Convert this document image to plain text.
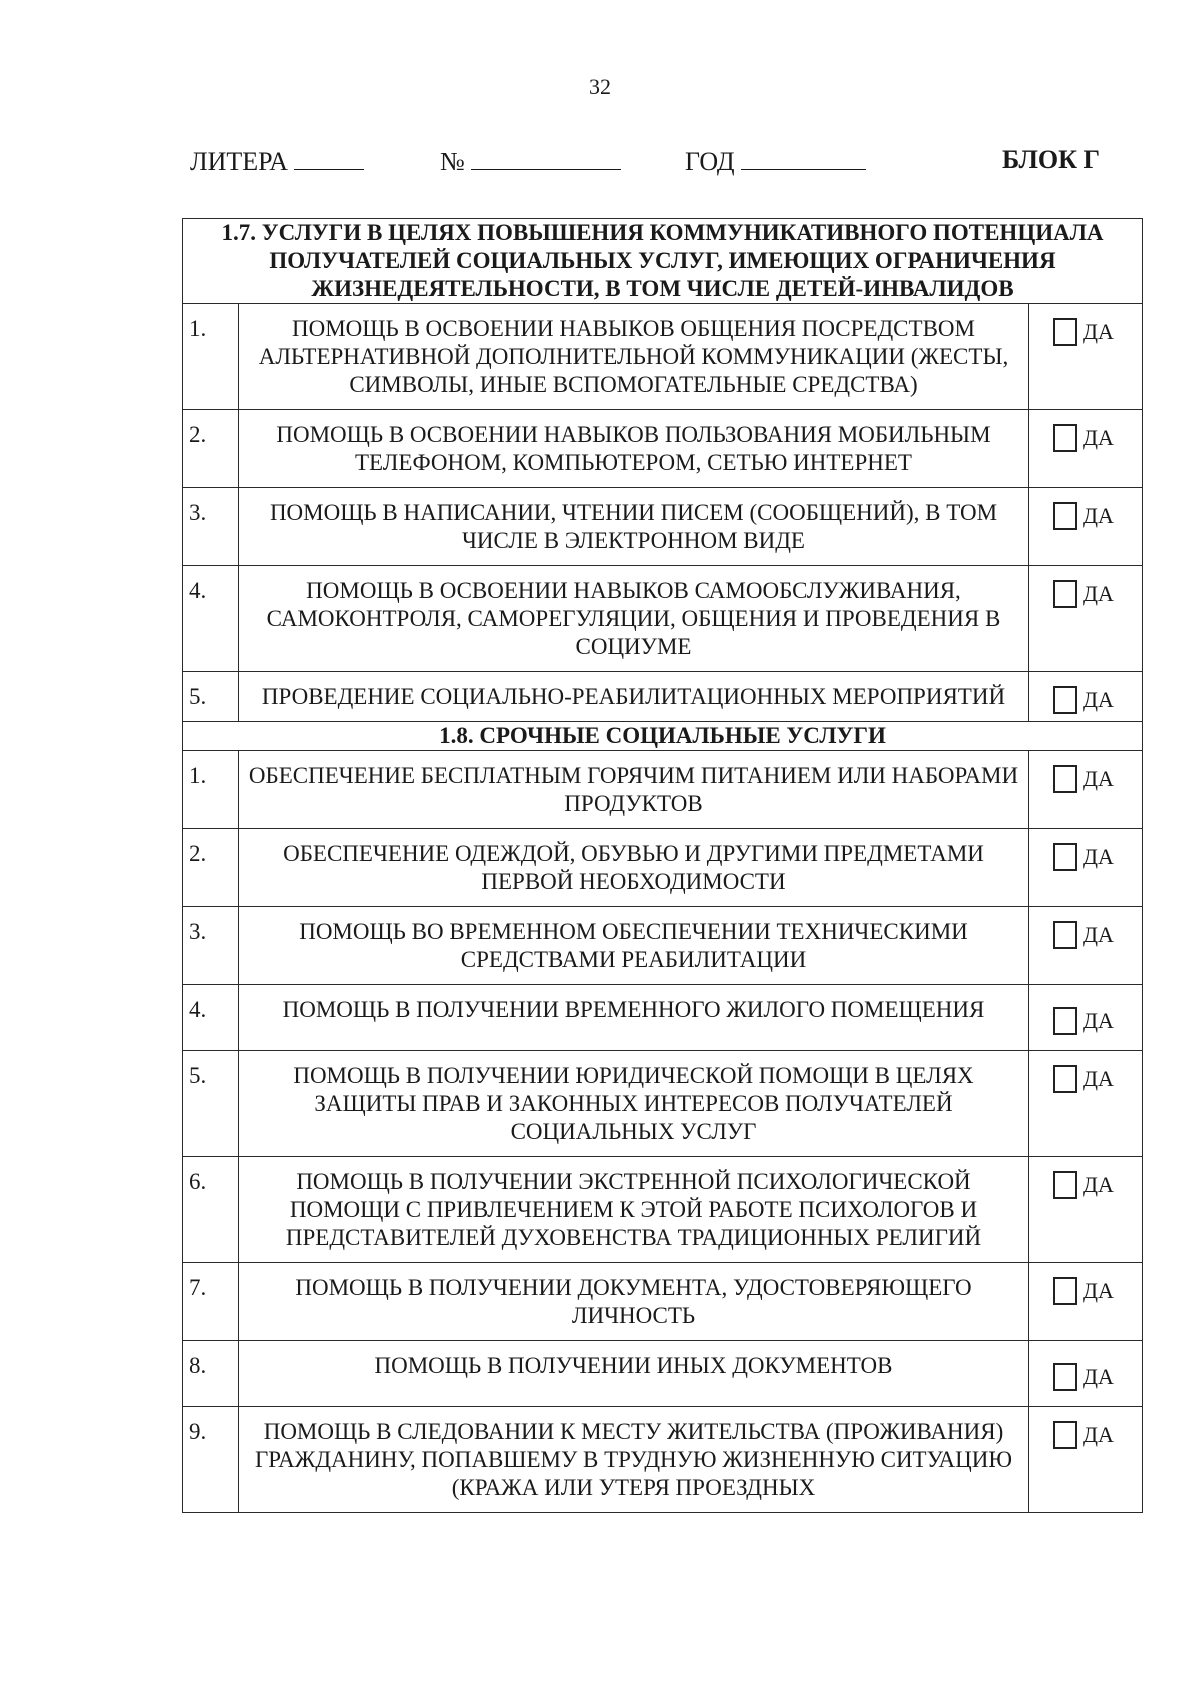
32
ЛИТЕРА	№	ГОД	БЛОК Г
1.7. УСЛУГИ В ЦЕЛЯХ ПОВЫШЕНИЯ КОММУНИКАТИВНОГО ПОТЕНЦИАЛА ПОЛУЧАТЕЛЕЙ СОЦИАЛЬНЫХ УСЛУГ, ИМЕЮЩИХ ОГРАНИЧЕНИЯ ЖИЗНЕДЕЯТЕЛЬНОСТИ, В ТОМ ЧИСЛЕ ДЕТЕЙ-ИНВАЛИДОВ		
1.	ПОМОЩЬ В ОСВОЕНИИ НАВЫКОВ ОБЩЕНИЯ ПОСРЕДСТВОМ АЛЬТЕРНАТИВНОЙ ДОПОЛНИТЕЛЬНОЙ КОММУНИКАЦИИ (ЖЕСТЫ, СИМВОЛЫ, ИНЫЕ ВСПОМОГАТЕЛЬНЫЕ СРЕДСТВА)	ДА

2.	ПОМОЩЬ В ОСВОЕНИИ НАВЫКОВ ПОЛЬЗОВАНИЯ МОБИЛЬНЫМ ТЕЛЕФОНОМ, КОМПЬЮТЕРОМ, СЕТЬЮ ИНТЕРНЕТ	ДА

3.	ПОМОЩЬ В НАПИСАНИИ, ЧТЕНИИ ПИСЕМ (СООБЩЕНИЙ), В ТОМ ЧИСЛЕ В ЭЛЕКТРОННОМ ВИДЕ	ДА

4.	ПОМОЩЬ В ОСВОЕНИИ НАВЫКОВ САМООБСЛУЖИВАНИЯ, САМОКОНТРОЛЯ, САМОРЕГУЛЯЦИИ, ОБЩЕНИЯ И ПРОВЕДЕНИЯ В СОЦИУМЕ	ДА

5.	ПРОВЕДЕНИЕ СОЦИАЛЬНО-РЕАБИЛИТАЦИОННЫХ МЕРОПРИЯТИЙ	ДА

1.8. СРОЧНЫЕ СОЦИАЛЬНЫЕ УСЛУГИ		
1.	ОБЕСПЕЧЕНИЕ БЕСПЛАТНЫМ ГОРЯЧИМ ПИТАНИЕМ ИЛИ НАБОРАМИ ПРОДУКТОВ	ДА

2.	ОБЕСПЕЧЕНИЕ ОДЕЖДОЙ, ОБУВЬЮ И ДРУГИМИ ПРЕДМЕТАМИ ПЕРВОЙ НЕОБХОДИМОСТИ	ДА

3.	ПОМОЩЬ ВО ВРЕМЕННОМ ОБЕСПЕЧЕНИИ ТЕХНИЧЕСКИМИ СРЕДСТВАМИ РЕАБИЛИТАЦИИ	ДА

4.	ПОМОЩЬ В ПОЛУЧЕНИИ ВРЕМЕННОГО ЖИЛОГО ПОМЕЩЕНИЯ	ДА

5.	ПОМОЩЬ В ПОЛУЧЕНИИ ЮРИДИЧЕСКОЙ ПОМОЩИ В ЦЕЛЯХ ЗАЩИТЫ ПРАВ И ЗАКОННЫХ ИНТЕРЕСОВ ПОЛУЧАТЕЛЕЙ СОЦИАЛЬНЫХ УСЛУГ	ДА

6.	ПОМОЩЬ В ПОЛУЧЕНИИ ЭКСТРЕННОЙ ПСИХОЛОГИЧЕСКОЙ ПОМОЩИ С ПРИВЛЕЧЕНИЕМ К ЭТОЙ РАБОТЕ ПСИХОЛОГОВ И ПРЕДСТАВИТЕЛЕЙ ДУХОВЕНСТВА ТРАДИЦИОННЫХ РЕЛИГИЙ	ДА

7.	ПОМОЩЬ В ПОЛУЧЕНИИ ДОКУМЕНТА, УДОСТОВЕРЯЮЩЕГО ЛИЧНОСТЬ	ДА

8.	ПОМОЩЬ В ПОЛУЧЕНИИ ИНЫХ ДОКУМЕНТОВ	ДА

9.	ПОМОЩЬ В СЛЕДОВАНИИ К МЕСТУ ЖИТЕЛЬСТВА (ПРОЖИВАНИЯ) ГРАЖДАНИНУ, ПОПАВШЕМУ В ТРУДНУЮ ЖИЗНЕННУЮ СИТУАЦИЮ (КРАЖА ИЛИ УТЕРЯ ПРОЕЗДНЫХ	ДА
